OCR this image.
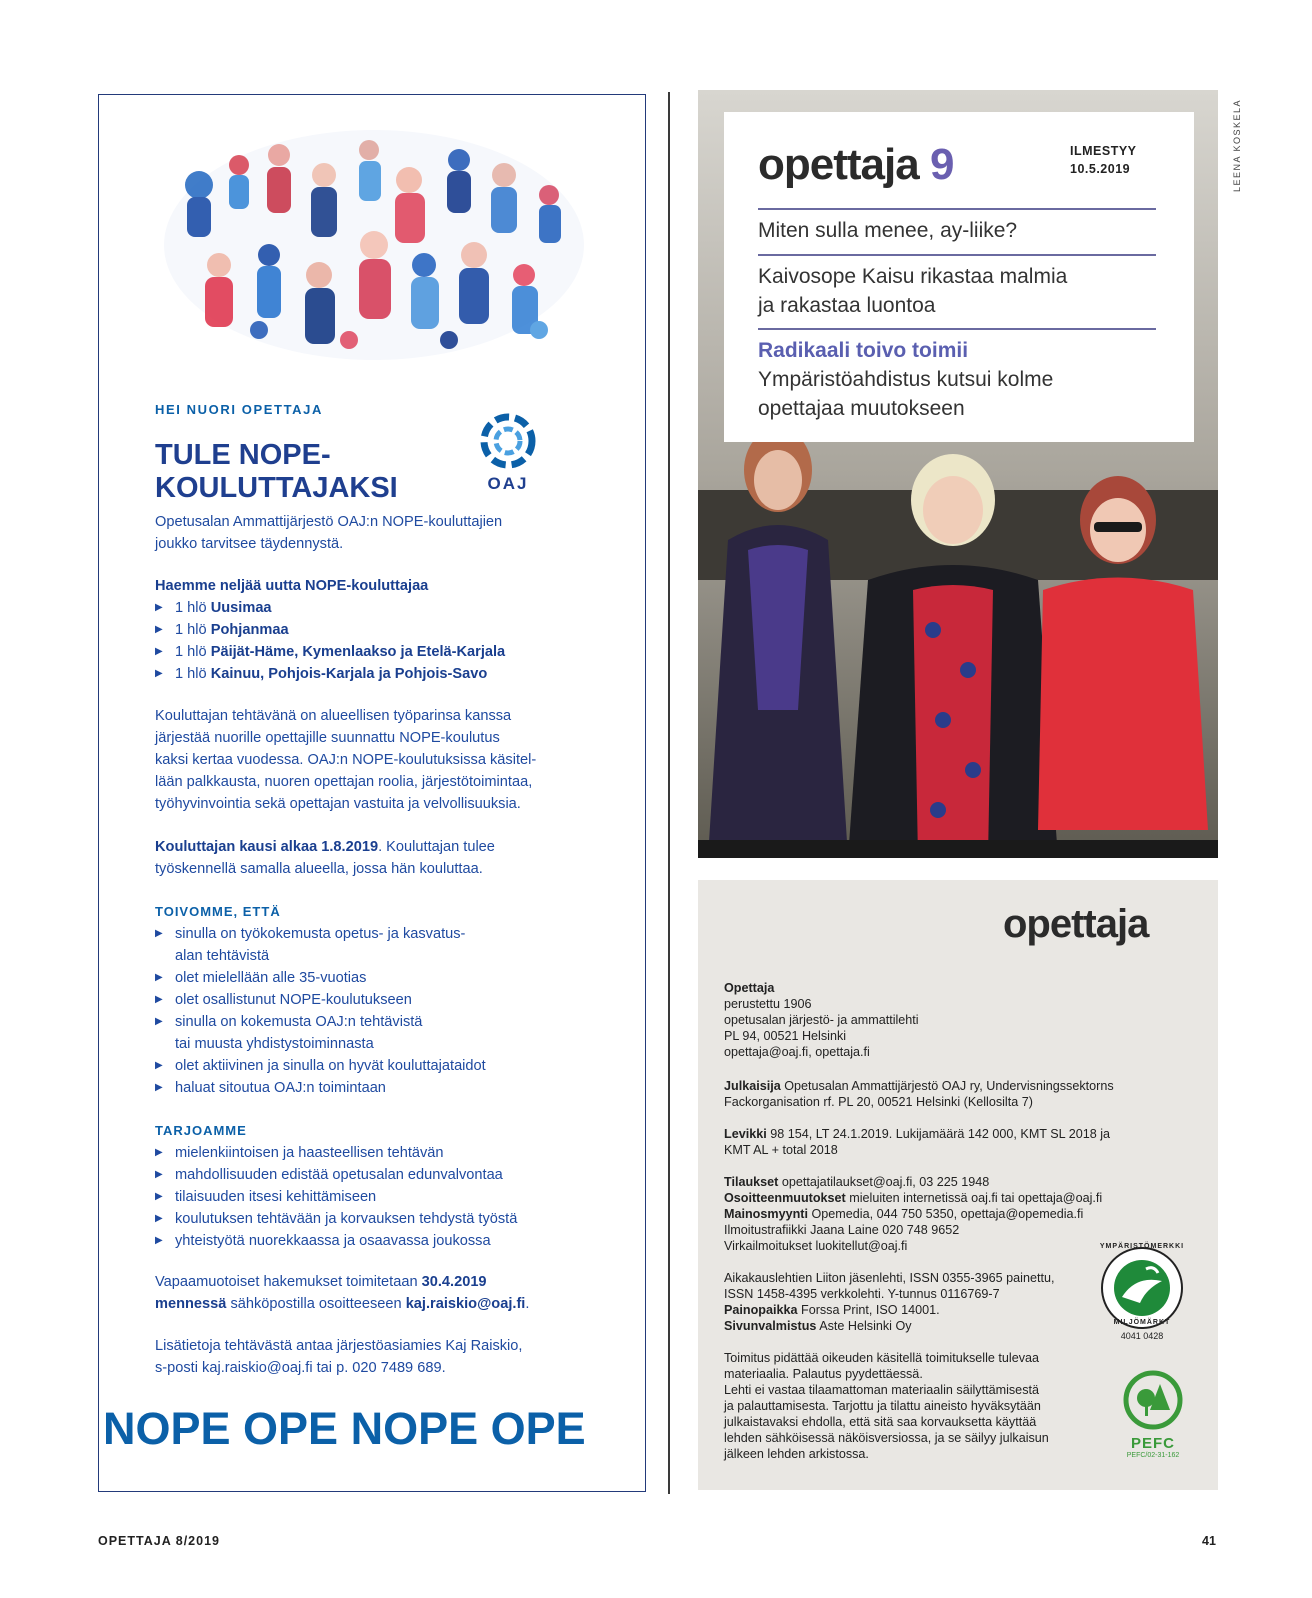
HEI NUORI OPETTAJA
TULE NOPE-
KOULUTTAJAKSI	OAJ
Opetusalan Ammattijärjestö OAJ:n NOPE-kouluttajien
joukko tarvitsee täydennystä.
Haemme neljää uutta NOPE-kouluttajaa
▶ 1 hlö Uusimaa
▶ 1 hlö Pohjanmaa
▶ 1 hlö Päijät-Häme, Kymenlaakso ja Etelä-Karjala
▶ 1 hlö Kainuu, Pohjois-Karjala ja Pohjois-Savo
Kouluttajan tehtävänä on alueellisen työparinsa kanssa
järjestää nuorille opettajille suunnattu NOPE-koulutus
kaksi kertaa vuodessa. OAJ:n NOPE-koulutuksissa käsitel-
lään palkkausta, nuoren opettajan roolia, järjestötoimintaa,
työhyvinvointia sekä opettajan vastuita ja velvollisuuksia.
Kouluttajan kausi alkaa 1.8.2019. Kouluttajan tulee
työskennellä samalla alueella, jossa hän kouluttaa.
TOIVOMME, ETTÄ
▶ sinulla on työkokemusta opetus- ja kasvatus-
alan tehtävistä
▶ olet mielellään alle 35-vuotias
▶ olet osallistunut NOPE-koulutukseen
▶ sinulla on kokemusta OAJ:n tehtävistä
tai muusta yhdistystoiminnasta
▶ olet aktiivinen ja sinulla on hyvät kouluttajataidot
▶ haluat sitoutua OAJ:n toimintaan
TARJOAMME
▶ mielenkiintoisen ja haasteellisen tehtävän
▶ mahdollisuuden edistää opetusalan edunvalvontaa
▶ tilaisuuden itsesi kehittämiseen
▶ koulutuksen tehtävään ja korvauksen tehdystä työstä
▶ yhteistyötä nuorekkaassa ja osaavassa joukossa
Vapaamuotoiset hakemukset toimitetaan 30.4.2019
mennessä sähköpostilla osoitteeseen kaj.raiskio@oaj.fi.
Lisätietoja tehtävästä antaa järjestöasiamies Kaj Raiskio,
s-posti kaj.raiskio@oaj.fi tai p. 020 7489 689.
NOPE OPE NOPE OPE
opettaja 9	ILMESTYY
10.5.2019
Miten sulla menee, ay-liike?
Kaivosope Kaisu rikastaa malmia
ja rakastaa luontoa
Radikaali toivo toimii
Ympäristöahdistus kutsui kolme
opettajaa muutokseen
LEENA KOSKELA
opettaja
Opettaja
perustettu 1906
opetusalan järjestö- ja ammattilehti
PL 94, 00521 Helsinki
opettaja@oaj.fi, opettaja.fi
Julkaisija Opetusalan Ammattijärjestö OAJ ry, Undervisningssektorns
Fackorganisation rf. PL 20, 00521 Helsinki (Kellosilta 7)
Levikki 98 154, LT 24.1.2019. Lukijamäärä 142 000, KMT SL 2018 ja
KMT AL + total 2018
Tilaukset opettajatilaukset@oaj.fi, 03 225 1948
Osoitteenmuutokset mieluiten internetissä oaj.fi tai opettaja@oaj.fi
Mainosmyynti Opemedia, 044 750 5350, opettaja@opemedia.fi
Ilmoitustrafiikki Jaana Laine 020 748 9652
Virkailmoitukset luokitellut@oaj.fi
Aikakauslehtien Liiton jäsenlehti, ISSN 0355-3965 painettu,
ISSN 1458-4395 verkkolehti. Y-tunnus 0116769-7
Painopaikka Forssa Print, ISO 14001.
Sivunvalmistus Aste Helsinki Oy
Toimitus pidättää oikeuden käsitellä toimitukselle tulevaa
materiaalia. Palautus pyydettäessä.
Lehti ei vastaa tilaamattoman materiaalin säilyttämisestä
ja palauttamisesta. Tarjottu ja tilattu aineisto hyväksytään
julkaistavaksi ehdolla, että sitä saa korvauksetta käyttää
lehden sähköisessä näköisversiossa, ja se säilyy julkaisun
jälkeen lehden arkistossa.
YMPÄRISTÖMERKKI
MILJÖMÄRKT
4041 0428
PEFC
PEFC/02-31-162
OPETTAJA 8/2019	41
